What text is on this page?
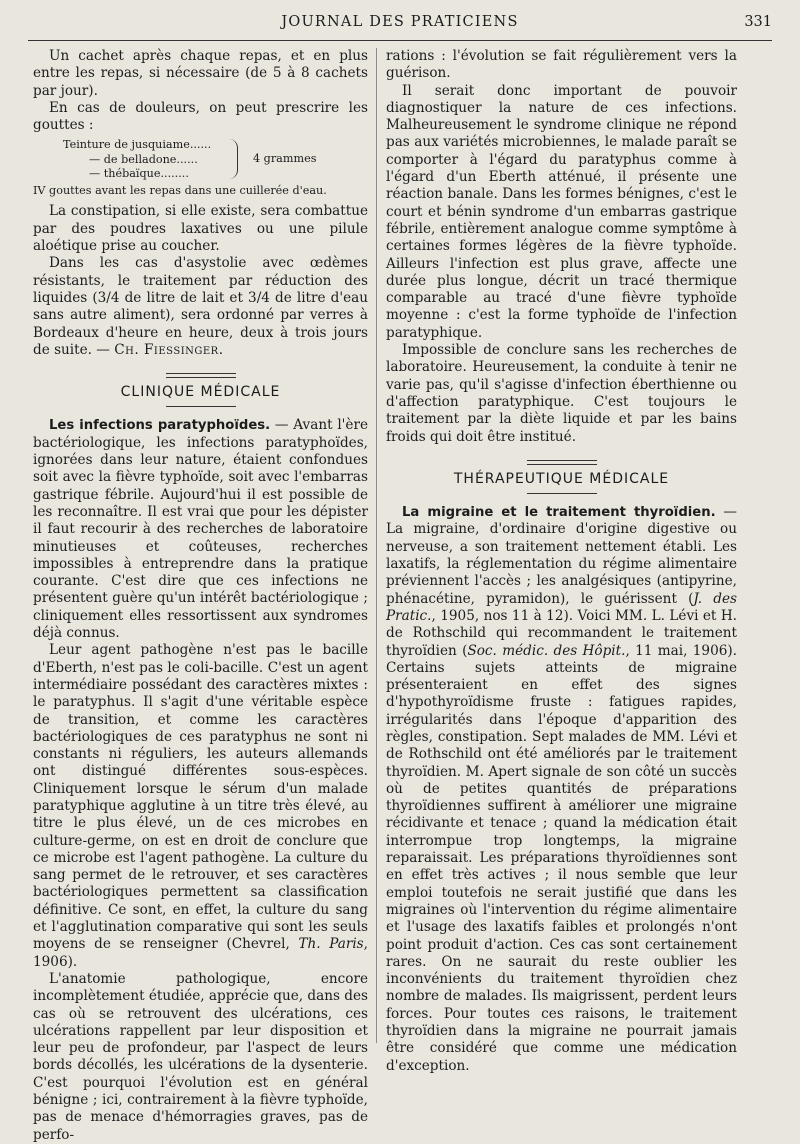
JOURNAL DES PRATICIENS	331

Un cachet après chaque repas, et en plus entre les repas, si nécessaire (de 5 à 8 cachets par jour).

En cas de douleurs, on peut prescrire les gouttes :

Teinture de jusquiame......
— de belladone......
— thébaïque........
4 grammes
IV gouttes avant les repas dans une cuillerée d'eau.

La constipation, si elle existe, sera combattue par des poudres laxatives ou une pilule aloétique prise au coucher.

Dans les cas d'asystolie avec œdèmes résistants, le traitement par réduction des liquides (3/4 de litre de lait et 3/4 de litre d'eau sans autre aliment), sera ordonné par verres à Bordeaux d'heure en heure, deux à trois jours de suite. — Ch. Fiessinger.

CLINIQUE MÉDICALE

Les infections paratyphoïdes. — Avant l'ère bactériologique, les infections paratyphoïdes, ignorées dans leur nature, étaient confondues soit avec la fièvre typhoïde, soit avec l'embarras gastrique fébrile. Aujourd'hui il est possible de les reconnaître. Il est vrai que pour les dépister il faut recourir à des recherches de laboratoire minutieuses et coûteuses, recherches impossibles à entreprendre dans la pratique courante. C'est dire que ces infections ne présentent guère qu'un intérêt bactériologique ; cliniquement elles ressortissent aux syndromes déjà connus.

Leur agent pathogène n'est pas le bacille d'Eberth, n'est pas le coli-bacille. C'est un agent intermédiaire possédant des caractères mixtes : le paratyphus. Il s'agit d'une véritable espèce de transition, et comme les caractères bactériologiques de ces paratyphus ne sont ni constants ni réguliers, les auteurs allemands ont distingué différentes sous-espèces. Cliniquement lorsque le sérum d'un malade paratyphique agglutine à un titre très élevé, au titre le plus élevé, un de ces microbes en culture-germe, on est en droit de conclure que ce microbe est l'agent pathogène. La culture du sang permet de le retrouver, et ses caractères bactériologiques permettent sa classification définitive. Ce sont, en effet, la culture du sang et l'agglutination comparative qui sont les seuls moyens de se renseigner (Chevrel, Th. Paris, 1906).

L'anatomie pathologique, encore incomplètement étudiée, apprécie que, dans des cas où se retrouvent des ulcérations, ces ulcérations rappellent par leur disposition et leur peu de profondeur, par l'aspect de leurs bords décollés, les ulcérations de la dysenterie. C'est pourquoi l'évolution est en général bénigne ; ici, contrairement à la fièvre typhoïde, pas de menace d'hémorragies graves, pas de perfo-

rations : l'évolution se fait régulièrement vers la guérison.

Il serait donc important de pouvoir diagnostiquer la nature de ces infections. Malheureusement le syndrome clinique ne répond pas aux variétés microbiennes, le malade paraît se comporter à l'égard du paratyphus comme à l'égard d'un Eberth atténué, il présente une réaction banale. Dans les formes bénignes, c'est le court et bénin syndrome d'un embarras gastrique fébrile, entièrement analogue comme symptôme à certaines formes légères de la fièvre typhoïde. Ailleurs l'infection est plus grave, affecte une durée plus longue, décrit un tracé thermique comparable au tracé d'une fièvre typhoïde moyenne : c'est la forme typhoïde de l'infection paratyphique.

Impossible de conclure sans les recherches de laboratoire. Heureusement, la conduite à tenir ne varie pas, qu'il s'agisse d'infection éberthienne ou d'affection paratyphique. C'est toujours le traitement par la diète liquide et par les bains froids qui doit être institué.

THÉRAPEUTIQUE MÉDICALE

La migraine et le traitement thyroïdien. — La migraine, d'ordinaire d'origine digestive ou nerveuse, a son traitement nettement établi. Les laxatifs, la réglementation du régime alimentaire préviennent l'accès ; les analgésiques (antipyrine, phénacétine, pyramidon), le guérissent (J. des Pratic., 1905, nos 11 à 12). Voici MM. L. Lévi et H. de Rothschild qui recommandent le traitement thyroïdien (Soc. médic. des Hôpit., 11 mai, 1906). Certains sujets atteints de migraine présenteraient en effet des signes d'hypothyroïdisme fruste : fatigues rapides, irrégularités dans l'époque d'apparition des règles, constipation. Sept malades de MM. Lévi et de Rothschild ont été améliorés par le traitement thyroïdien. M. Apert signale de son côté un succès où de petites quantités de préparations thyroïdiennes suffirent à améliorer une migraine récidivante et tenace ; quand la médication était interrompue trop longtemps, la migraine reparaissait. Les préparations thyroïdiennes sont en effet très actives ; il nous semble que leur emploi toutefois ne serait justifié que dans les migraines où l'intervention du régime alimentaire et l'usage des laxatifs faibles et prolongés n'ont point produit d'action. Ces cas sont certainement rares. On ne saurait du reste oublier les inconvénients du traitement thyroïdien chez nombre de malades. Ils maigrissent, perdent leurs forces. Pour toutes ces raisons, le traitement thyroïdien dans la migraine ne pourrait jamais être considéré que comme une médication d'exception.
